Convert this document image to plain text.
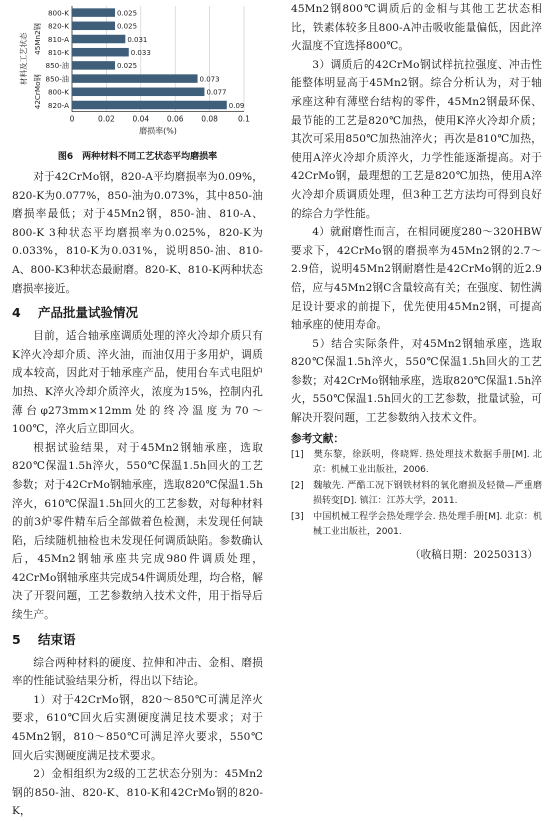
0	0.02 0.04 0.06 0.08	0.1
0.025
800-K
0.025
820-K
0.031
810-A
0.033
810-K
0.025
850-油
0.073
850-油
0.077
800-K
0.09
820-A
45Mn2钢
42CrMo钢
材料及工艺状态
磨损率(%)
图6　两种材料不同工艺状态平均磨损率

对于42CrMo钢，820-A平均磨损率为0.09%，820-K为0.077%，850-油为0.073%，其中850-油磨损率最低；对于45Mn2钢，850-油、810-A、800-K 3种状态平均磨损率为0.025%，820-K为0.033%，810-K为0.031%，说明850-油、810-A、800-K3种状态最耐磨。820-K、810-K两种状态磨损率接近。

4 产品批量试验情况

目前，适合轴承座调质处理的淬火冷却介质只有K淬火冷却介质、淬火油，而油仅用于多用炉，调质成本较高，因此对于轴承座产品，使用台车式电阻炉加热、K淬火冷却介质淬火，浓度为15%，控制内孔薄台φ273mm×12mm处的终冷温度为70～100℃，淬火后立即回火。

根据试验结果，对于45Mn2钢轴承座，选取820℃保温1.5h淬火，550℃保温1.5h回火的工艺参数；对于42CrMo钢轴承座，选取820℃保温1.5h淬火，610℃保温1.5h回火的工艺参数，对每种材料的前3炉零件精车后全部做着色检测，未发现任何缺陷，后续随机抽检也未发现任何调质缺陷。参数确认后，45Mn2钢轴承座共完成980件调质处理，42CrMo钢轴承座共完成54件调质处理，均合格，解决了开裂问题，工艺参数纳入技术文件，用于指导后续生产。

5 结束语

综合两种材料的硬度、拉伸和冲击、金相、磨损率的性能试验结果分析，得出以下结论。

1）对于42CrMo钢，820～850℃可满足淬火要求，610℃回火后实测硬度满足技术要求；对于45Mn2钢，810～850℃可满足淬火要求，550℃回火后实测硬度满足技术要求。

2）金相组织为2级的工艺状态分别为：45Mn2钢的850-油、820-K、810-K和42CrMo钢的820-K，

45Mn2钢800℃调质后的金相与其他工艺状态相比，铁素体较多且800-A冲击吸收能量偏低，因此淬火温度不宜选择800℃。

3）调质后的42CrMo钢试样抗拉强度、冲击性能整体明显高于45Mn2钢。综合分析认为，对于轴承座这种有薄壁台结构的零件，45Mn2钢最环保、最节能的工艺是820℃加热，使用K淬火冷却介质；其次可采用850℃加热油淬火；再次是810℃加热，使用A淬火冷却介质淬火，力学性能逐渐提高。对于42CrMo钢，最理想的工艺是820℃加热，使用A淬火冷却介质调质处理，但3种工艺方法均可得到良好的综合力学性能。

4）就耐磨性而言，在相同硬度280～320HBW要求下，42CrMo钢的磨损率为45Mn2钢的2.7～2.9倍，说明45Mn2钢耐磨性是42CrMo钢的近2.9倍，应与45Mn2钢C含量较高有关；在强度、韧性满足设计要求的前提下，优先使用45Mn2钢，可提高轴承座的使用寿命。

5）结合实际条件，对45Mn2钢轴承座，选取820℃保温1.5h淬火，550℃保温1.5h回火的工艺参数；对42CrMo钢轴承座，选取820℃保温1.5h淬火，550℃保温1.5h回火的工艺参数，批量试验，可解决开裂问题，工艺参数纳入技术文件。

参考文献：
[1]　樊东黎，徐跃明，佟晓辉. 热处理技术数据手册[M]. 北京：机械工业出版社，2006.
[2]　魏敏先. 严酷工况下钢铁材料的氧化磨损及轻微—严重磨损转变[D]. 镇江：江苏大学，2011.
[3]　中国机械工程学会热处理学会. 热处理手册[M]. 北京：机械工业出版社，2001.
（收稿日期：20250313）
